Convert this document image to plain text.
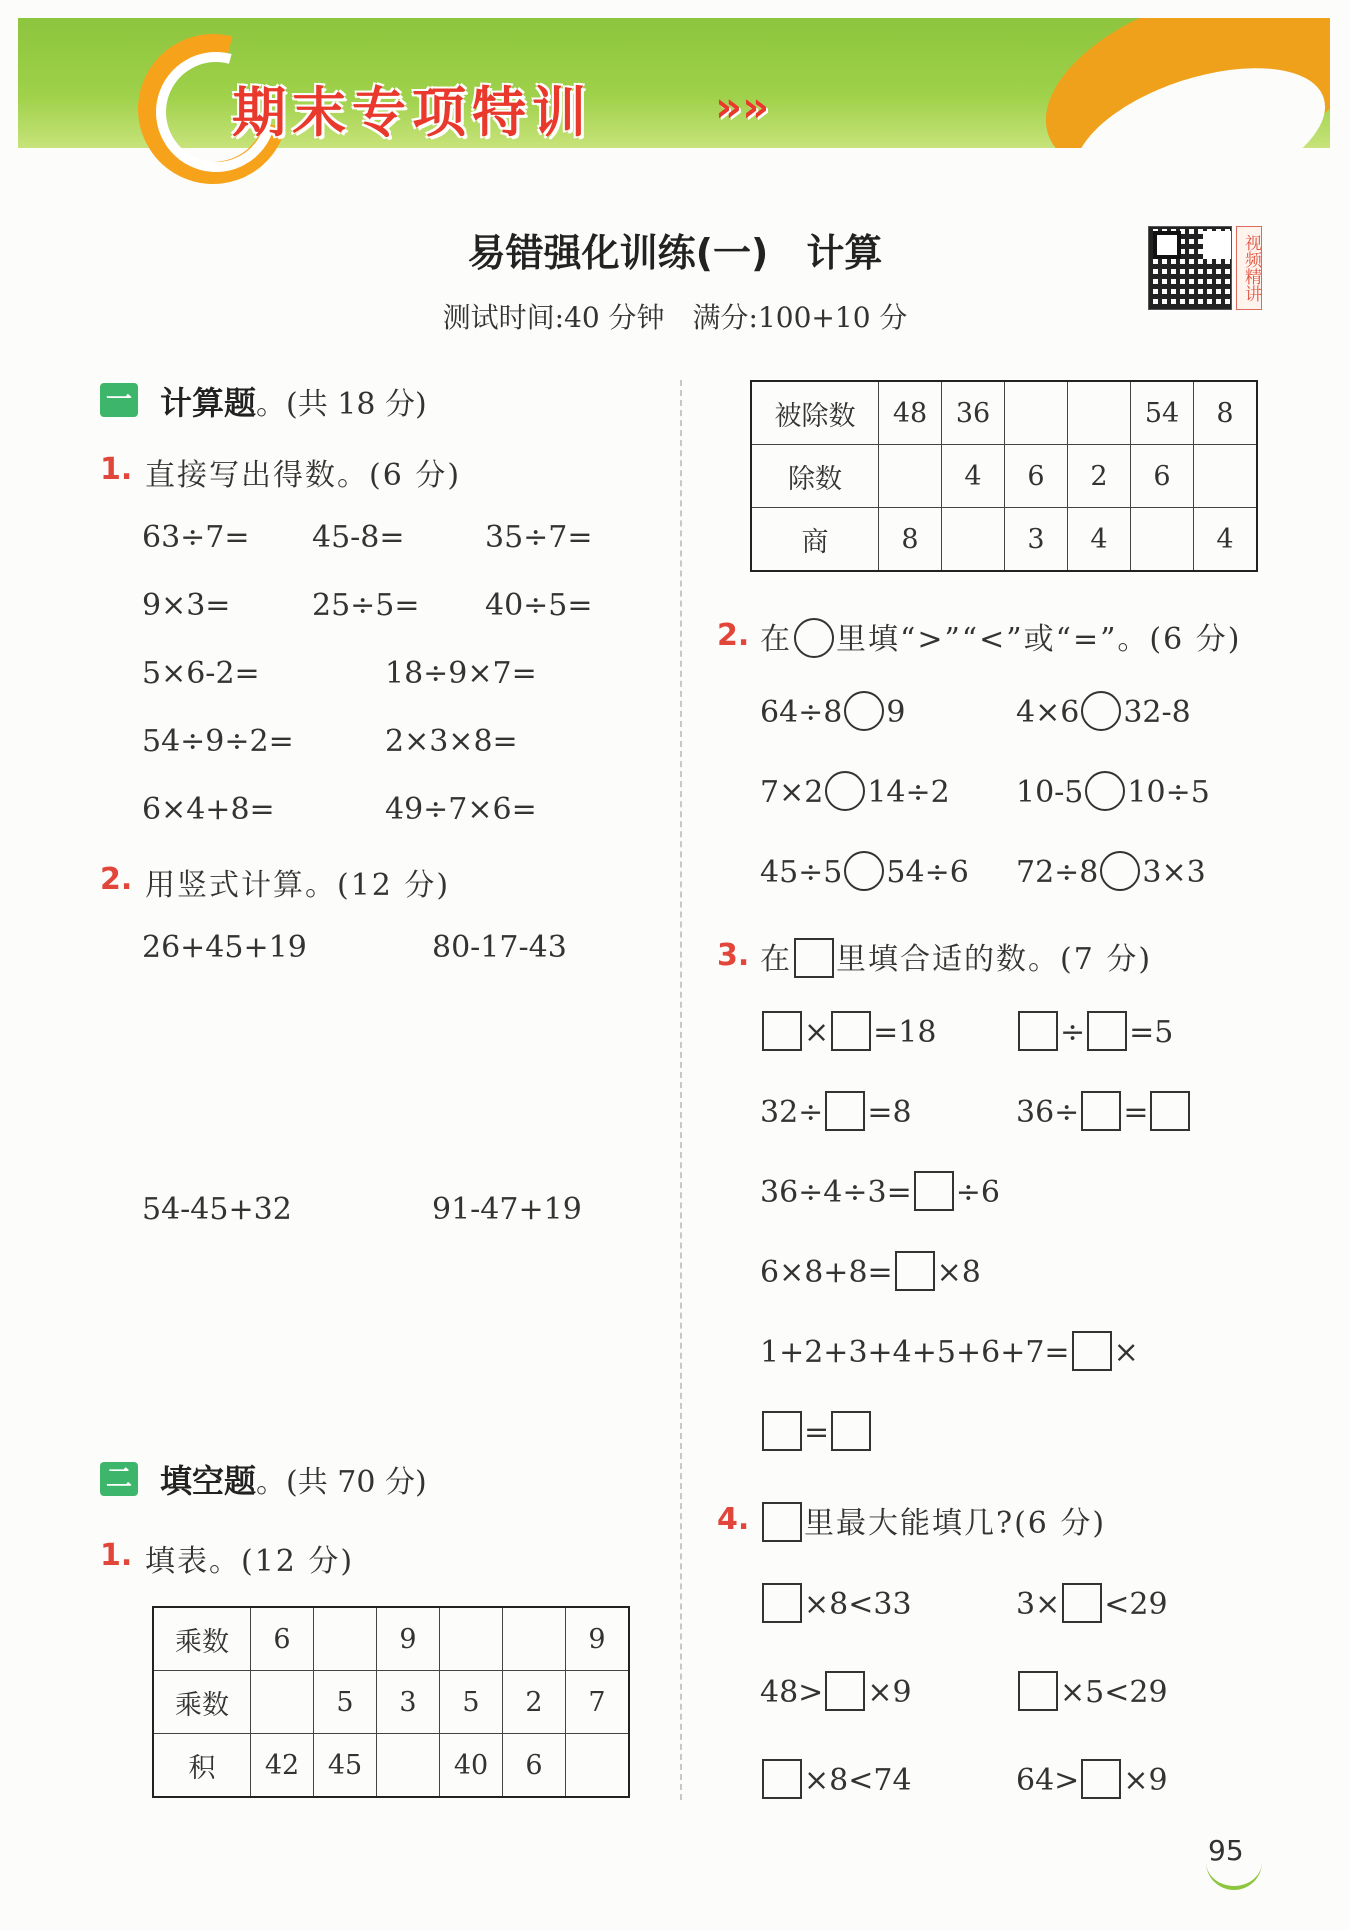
期末专项特训	»»
易错强化训练(一)　计算
测试时间:40 分钟　满分:100+10 分
视频精讲
一 计算题。(共 18 分)
1. 直接写出得数。(6 分)
63÷7= 45-8=	35÷7=
9×3=	25÷5= 40÷5=
5×6-2=	18÷9×7=
54÷9÷2=	2×3×8=
6×4+8=	49÷7×6=
2. 用竖式计算。(12 分)
26+45+19	80-17-43
54-45+32	91-47+19
二 填空题。(共 70 分)
1. 填表。(12 分)
乘数	6		9			9
乘数		5	3	5	2	7
积	42	45		40	6	
被除数	48	36			54	8
除数		4	6	2	6	
商	8		3	4		4
2. 在 里填“>”“<”或“=”。(6 分)
64÷8 9	4×6 32-8
7×2 14÷2 10-5 10÷5
45÷5 54÷6 72÷8 3×3
3. 在 里填合适的数。(7 分)
× =18	÷ =5
32÷ =8	36÷ =
36÷4÷3= ÷6
6×8+8= ×8
1+2+3+4+5+6+7= ×
=
4.	里最大能填几?(6 分)
×8<33	3× <29
48> ×9	×5<29
×8<74	64> ×9
95
